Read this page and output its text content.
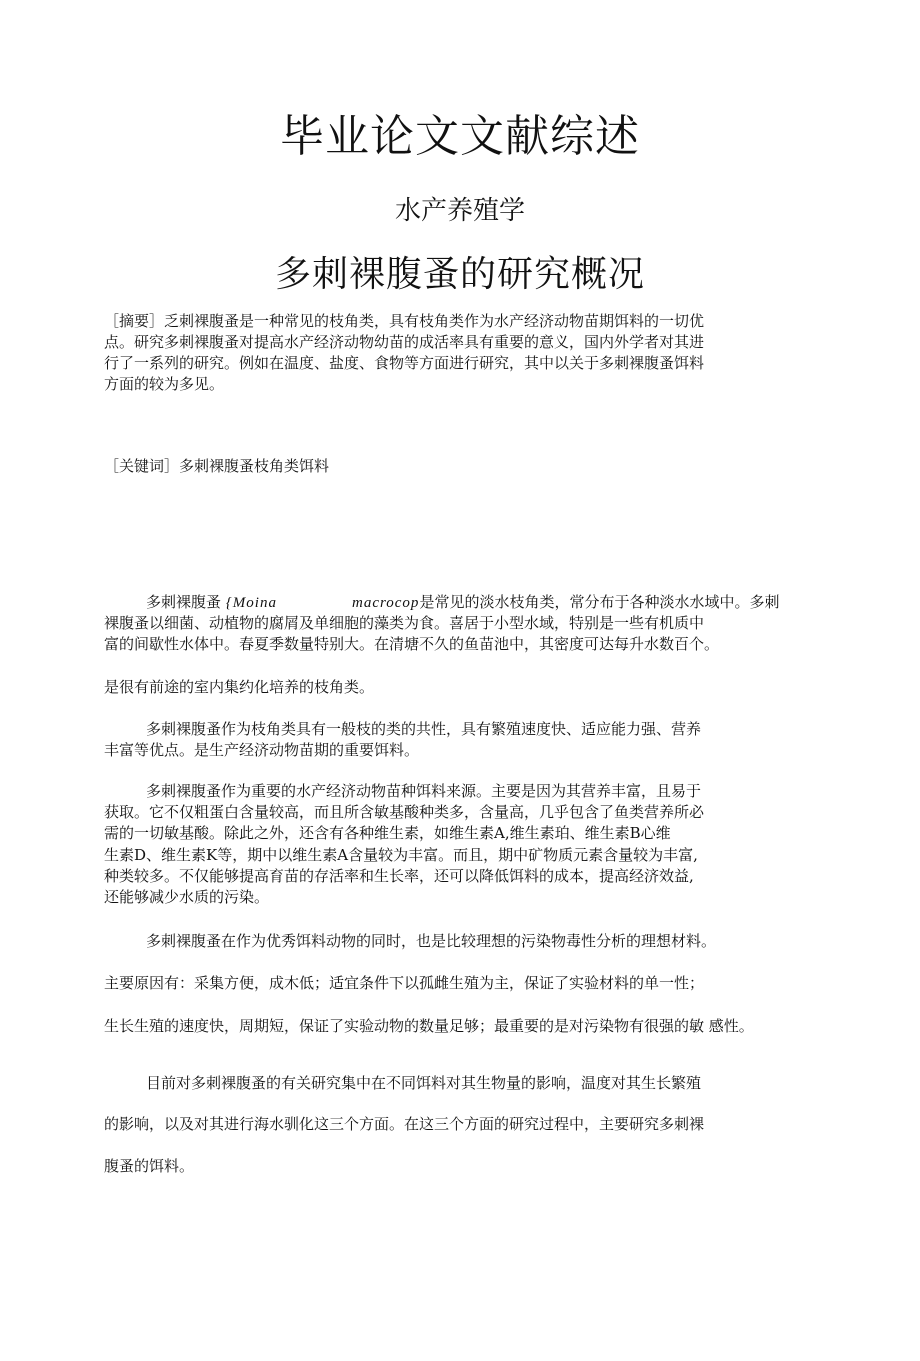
毕业论文文献综述
水产养殖学
多刺裸腹蚤的研究概况
［摘要］乏刺裸腹蚤是一种常见的枝角类，具有枝角类作为水产经济动物苗期饵料的一切优
点。研究多刺裸腹蚤对提高水产经济动物幼苗的成活率具有重要的意义，国内外学者对其进
行了一系列的研究。例如在温度、盐度、食物等方面进行研究，其中以关于多刺裸腹蚤饵料
方面的较为多见。
［关键词］多刺裸腹蚤枝角类饵料
多刺裸腹蚤 {Moina	macrocop是常见的淡水枝角类，常分布于各种淡水水域中。多刺
裸腹蚤以细菌、动植物的腐屑及单细胞的藻类为食。喜居于小型水域，特别是一些有机质中
富的间歇性水体中。春夏季数量特别大。在清塘不久的鱼苗池中，其密度可达每升水数百个。
是很有前途的室内集约化培养的枝角类。
多刺裸腹蚤作为枝角类具有一般枝的类的共性，具有繁殖速度快、适应能力强、营养
丰富等优点。是生产经济动物苗期的重要饵料。
多刺裸腹蚤作为重要的水产经济动物苗种饵料来源。主要是因为其营养丰富，且易于
获取。它不仅粗蛋白含量较高，而且所含敏基酸种类多，含量高，几乎包含了鱼类营养所必
需的一切敏基酸。除此之外，还含有各种维生素，如维生素A,维生素珀、维生素B心维
生素D、维生素K等，期中以维生素A含量较为丰富。而且，期中矿物质元素含量较为丰富,
种类较多。不仅能够提高育苗的存活率和生长率，还可以降低饵料的成本，提高经济效益,
还能够减少水质的污染。
多刺裸腹蚤在作为优秀饵料动物的同时，也是比较理想的污染物毒性分析的理想材料。
主要原因有：采集方便，成木低；适宜条件下以孤雌生殖为主，保证了实验材料的单一性；
生长生殖的速度快，周期短，保证了实验动物的数量足够；最重要的是对污染物有很强的敏 感性。
目前对多刺裸腹蚤的有关研究集中在不同饵料对其生物量的影响，温度对其生长繁殖
的影响，以及对其进行海水驯化这三个方面。在这三个方面的研究过程中，主要研究多刺裸
腹蚤的饵料。
